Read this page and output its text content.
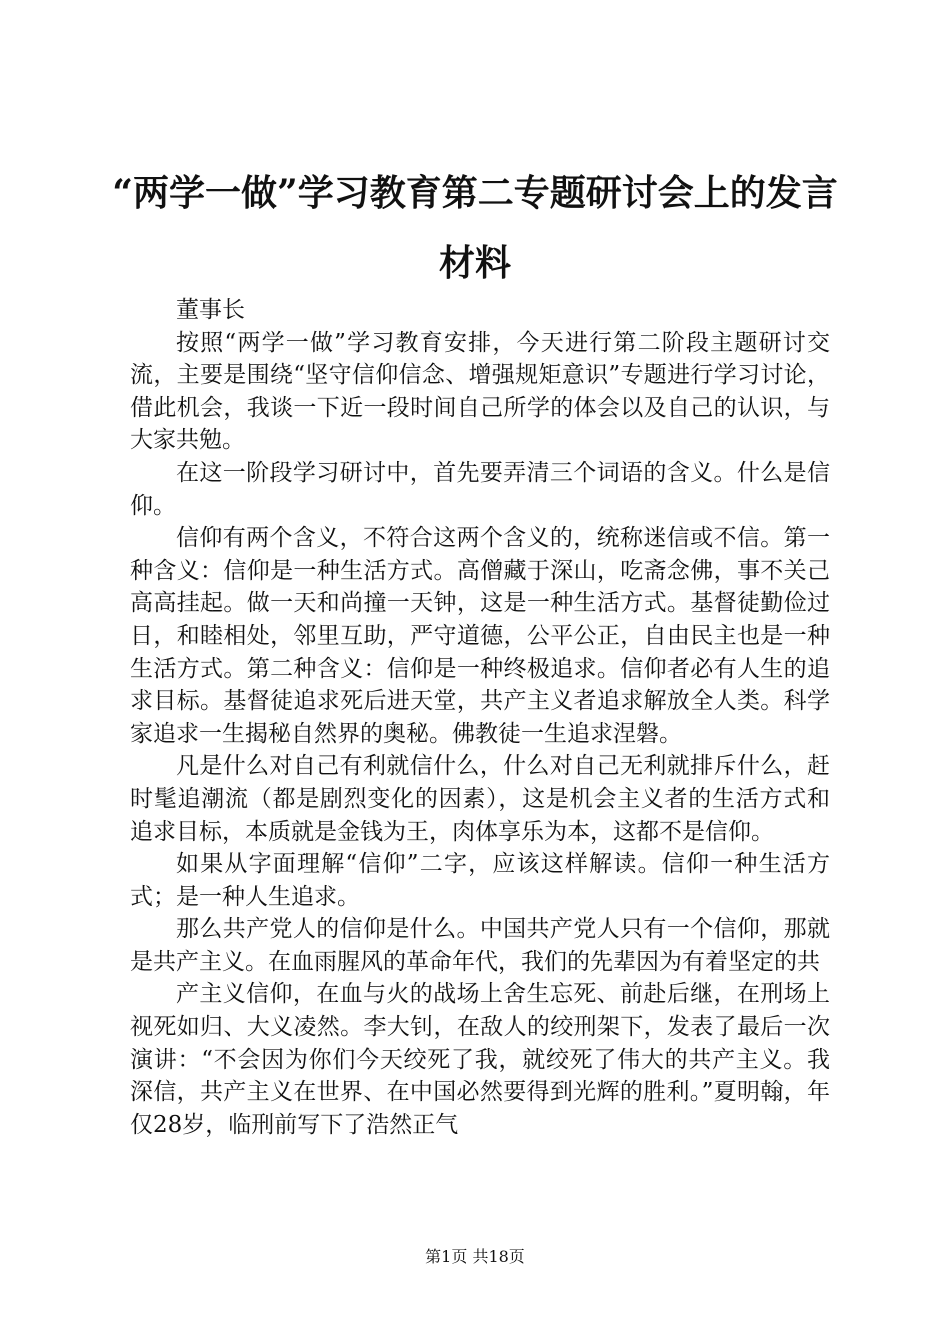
“两学一做”学习教育第二专题研讨会上的发言材料

董事长

按照“两学一做”学习教育安排，今天进行第二阶段主题研讨交流，主要是围绕“坚守信仰信念、增强规矩意识”专题进行学习讨论，借此机会，我谈一下近一段时间自己所学的体会以及自己的认识，与大家共勉。

在这一阶段学习研讨中，首先要弄清三个词语的含义。什么是信仰。

信仰有两个含义，不符合这两个含义的，统称迷信或不信。第一种含义：信仰是一种生活方式。高僧藏于深山，吃斋念佛，事不关己高高挂起。做一天和尚撞一天钟，这是一种生活方式。基督徒勤俭过日，和睦相处，邻里互助，严守道德，公平公正，自由民主也是一种生活方式。第二种含义：信仰是一种终极追求。信仰者必有人生的追求目标。基督徒追求死后进天堂，共产主义者追求解放全人类。科学家追求一生揭秘自然界的奥秘。佛教徒一生追求涅磐。

凡是什么对自己有利就信什么，什么对自己无利就排斥什么，赶时髦追潮流（都是剧烈变化的因素），这是机会主义者的生活方式和追求目标，本质就是金钱为王，肉体享乐为本，这都不是信仰。

如果从字面理解“信仰”二字，应该这样解读。信仰一种生活方式；是一种人生追求。

那么共产党人的信仰是什么。中国共产党人只有一个信仰，那就是共产主义。在血雨腥风的革命年代，我们的先辈因为有着坚定的共

产主义信仰，在血与火的战场上舍生忘死、前赴后继，在刑场上视死如归、大义凌然。李大钊，在敌人的绞刑架下，发表了最后一次演讲：“不会因为你们今天绞死了我，就绞死了伟大的共产主义。我深信，共产主义在世界、在中国必然要得到光辉的胜利。”夏明翰，年仅28岁，临刑前写下了浩然正气

第1页 共18页
